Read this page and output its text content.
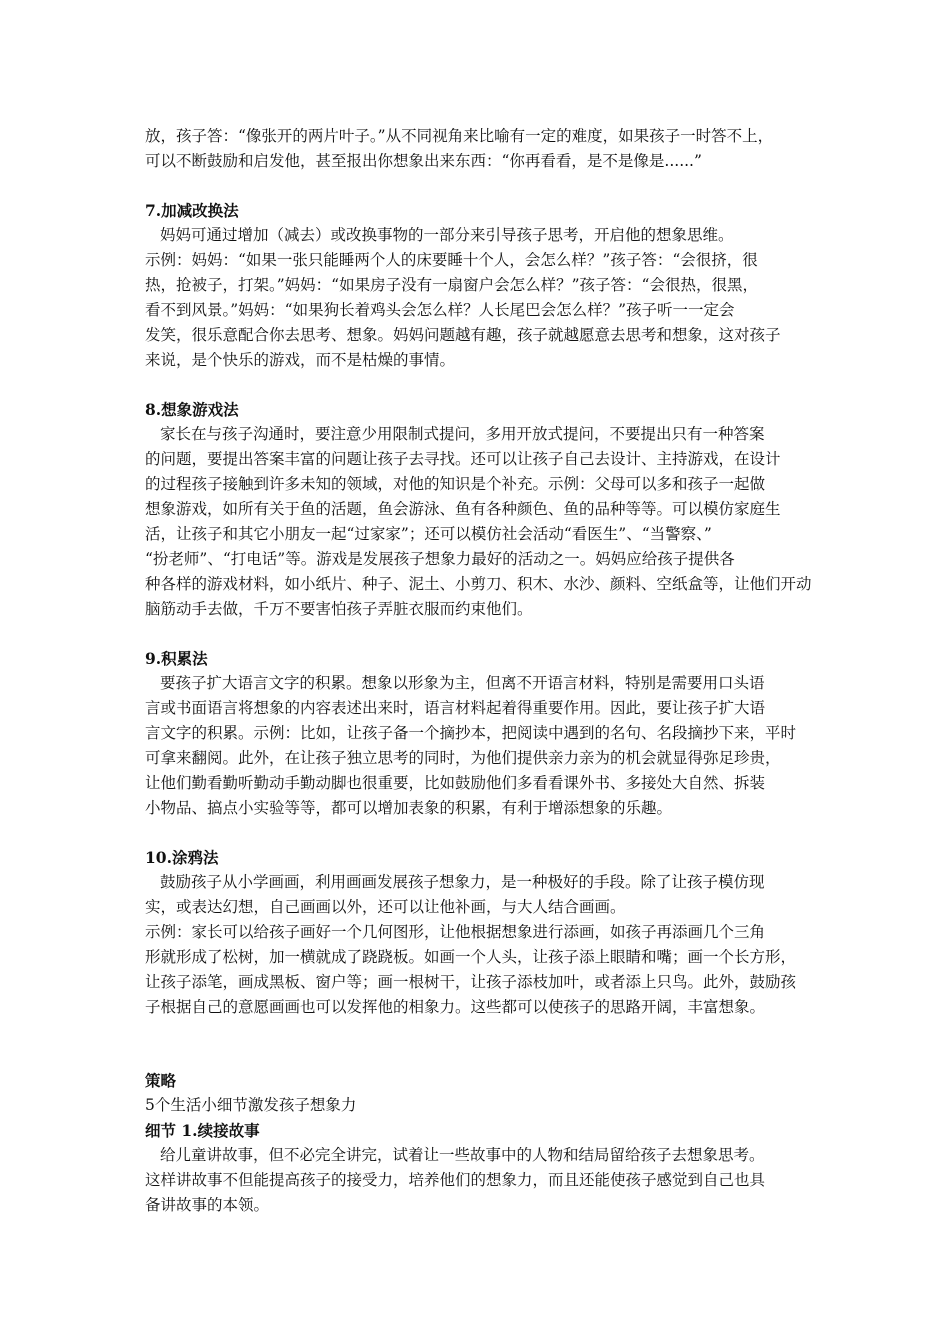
放，孩子答：“像张开的两片叶子。”从不同视角来比喻有一定的难度，如果孩子一时答不上，
可以不断鼓励和启发他，甚至报出你想象出来东西：“你再看看，是不是像是......”
7.加减改换法
妈妈可通过增加（减去）或改换事物的一部分来引导孩子思考，开启他的想象思维。
示例：妈妈：“如果一张只能睡两个人的床要睡十个人，会怎么样？”孩子答：“会很挤，很
热，抢被子，打架。”妈妈：“如果房子没有一扇窗户会怎么样？”孩子答：“会很热，很黑，
看不到风景。”妈妈：“如果狗长着鸡头会怎么样？人长尾巴会怎么样？”孩子听一一定会
发笑，很乐意配合你去思考、想象。妈妈问题越有趣，孩子就越愿意去思考和想象，这对孩子
来说，是个快乐的游戏，而不是枯燥的事情。
8.想象游戏法
家长在与孩子沟通时，要注意少用限制式提问，多用开放式提问，不要提出只有一种答案
的问题，要提出答案丰富的问题让孩子去寻找。还可以让孩子自己去设计、主持游戏，在设计
的过程孩子接触到许多未知的领域，对他的知识是个补充。示例：父母可以多和孩子一起做
想象游戏，如所有关于鱼的活题，鱼会游泳、鱼有各种颜色、鱼的品种等等。可以模仿家庭生
活，让孩子和其它小朋友一起“过家家”；还可以模仿社会活动“看医生”、“当警察、”
“扮老师”、“打电话”等。游戏是发展孩子想象力最好的活动之一。妈妈应给孩子提供各
种各样的游戏材料，如小纸片、种子、泥土、小剪刀、积木、水沙、颜料、空纸盒等，让他们开动
脑筋动手去做，千万不要害怕孩子弄脏衣服而约束他们。
9.积累法
要孩子扩大语言文字的积累。想象以形象为主，但离不开语言材料，特别是需要用口头语
言或书面语言将想象的内容表述出来时，语言材料起着得重要作用。因此，要让孩子扩大语
言文字的积累。示例：比如，让孩子备一个摘抄本，把阅读中遇到的名句、名段摘抄下来，平时
可拿来翻阅。此外，在让孩子独立思考的同时，为他们提供亲力亲为的机会就显得弥足珍贵，
让他们勤看勤听勤动手勤动脚也很重要，比如鼓励他们多看看课外书、多接处大自然、拆装
小物品、搞点小实验等等，都可以增加表象的积累，有利于增添想象的乐趣。
10.涂鸦法
鼓励孩子从小学画画，利用画画发展孩子想象力，是一种极好的手段。除了让孩子模仿现
实，或表达幻想，自己画画以外，还可以让他补画，与大人结合画画。
示例：家长可以给孩子画好一个几何图形，让他根据想象进行添画，如孩子再添画几个三角
形就形成了松树，加一横就成了跷跷板。如画一个人头，让孩子添上眼睛和嘴；画一个长方形，
让孩子添笔，画成黑板、窗户等；画一根树干，让孩子添枝加叶，或者添上只鸟。此外，鼓励孩
子根据自己的意愿画画也可以发挥他的相象力。这些都可以使孩子的思路开阔，丰富想象。
策略
5个生活小细节激发孩子想象力
细节 1.续接故事
给儿童讲故事，但不必完全讲完，试着让一些故事中的人物和结局留给孩子去想象思考。
这样讲故事不但能提高孩子的接受力，培养他们的想象力，而且还能使孩子感觉到自己也具
备讲故事的本领。
